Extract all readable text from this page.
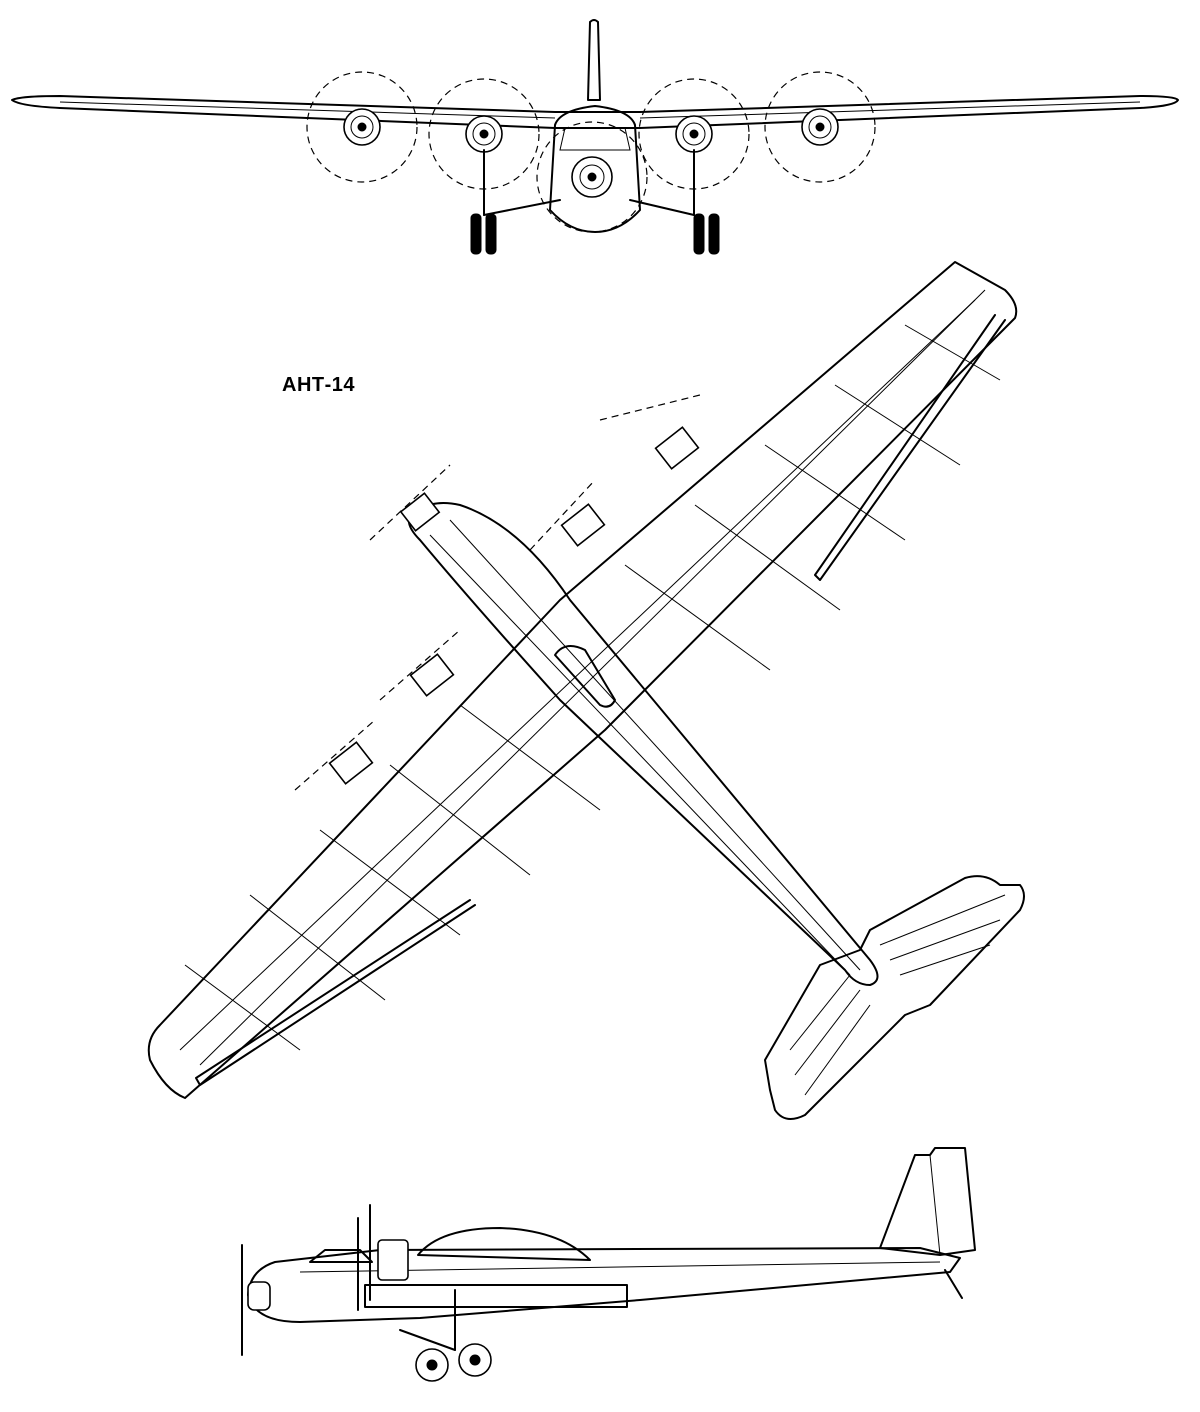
АНТ-14
